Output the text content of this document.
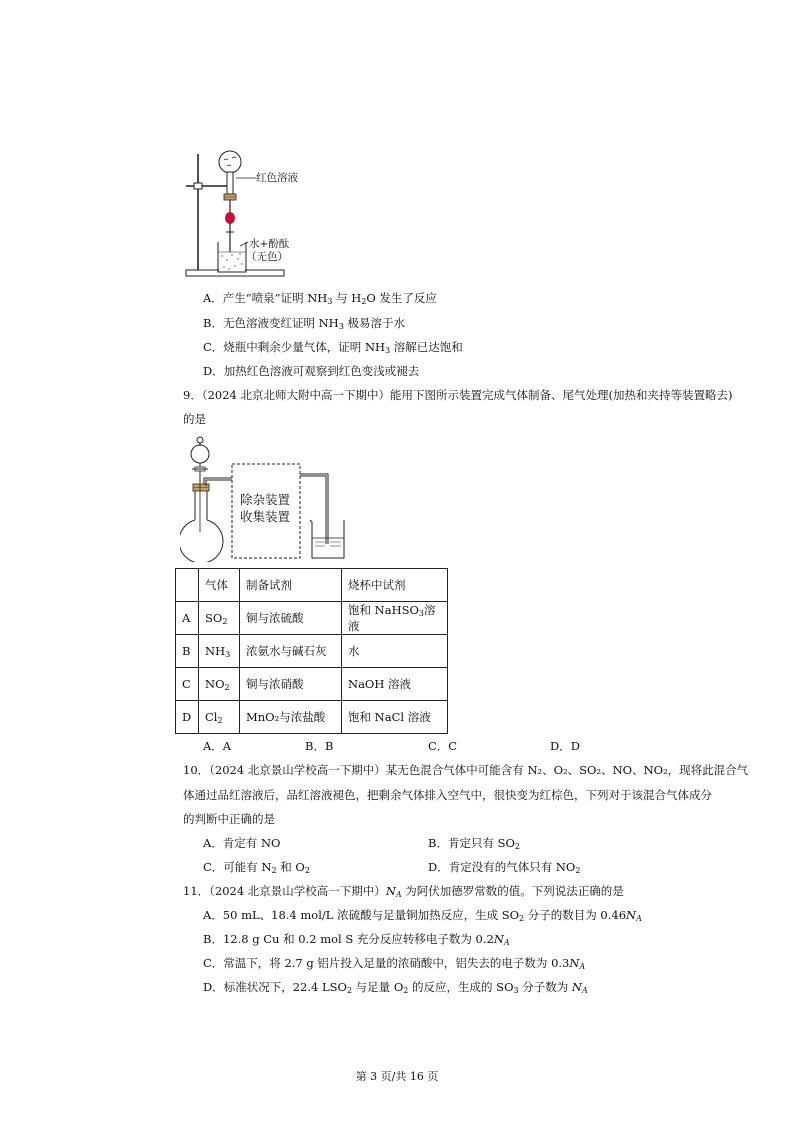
红色溶液
水+酚酞
（无色）
A．产生“喷泉”证明 $NH_3$ 与 $H_2O$ 发生了反应
B．无色溶液变红证明 $NH_3$ 极易溶于水
C．烧瓶中剩余少量气体，证明 $NH_3$ 溶解已达饱和
D．加热红色溶液可观察到红色变浅或褪去
9．（2024 北京北师大附中高一下期中）能用下图所示装置完成气体制备、尾气处理(加热和夹持等装置略去)
的是
除杂装置
收集装置
	气体	制备试剂	烧杯中试剂
A	$SO_2$	铜与浓硫酸	饱和 NaHSO$_3$溶液
B	$NH_3$	浓氨水与碱石灰	水
C	$NO_2$	铜与浓硝酸	NaOH 溶液
D	$Cl_2$	MnO₂与浓盐酸	饱和 NaCl 溶液
A．A	B．B	C．C	D．D
10．（2024 北京景山学校高一下期中）某无色混合气体中可能含有 N₂、O₂、SO₂、NO、NO₂，现将此混合气
体通过品红溶液后，品红溶液褪色，把剩余气体排入空气中，很快变为红棕色，下列对于该混合气体成分
的判断中正确的是
A．肯定有 NO	B．肯定只有 $SO_2$
C．可能有 $N_2$ 和 $O_2$	D．肯定没有的气体只有 $NO_2$
11．（2024 北京景山学校高一下期中）$N_A$ 为阿伏加德罗常数的值。下列说法正确的是
A．50 mL、18.4 mol/L 浓硫酸与足量铜加热反应，生成 $SO_2$ 分子的数目为 $0.46N_A$
B．12.8 g Cu 和 0.2 mol S 充分反应转移电子数为 $0.2N_A$
C．常温下，将 2.7 g 铝片投入足量的浓硝酸中，铝失去的电子数为 $0.3N_A$
D．标准状况下，22.4 $LSO_2$ 与足量 $O_2$ 的反应，生成的 $SO_3$ 分子数为 $N_A$
第 3 页/共 16 页
